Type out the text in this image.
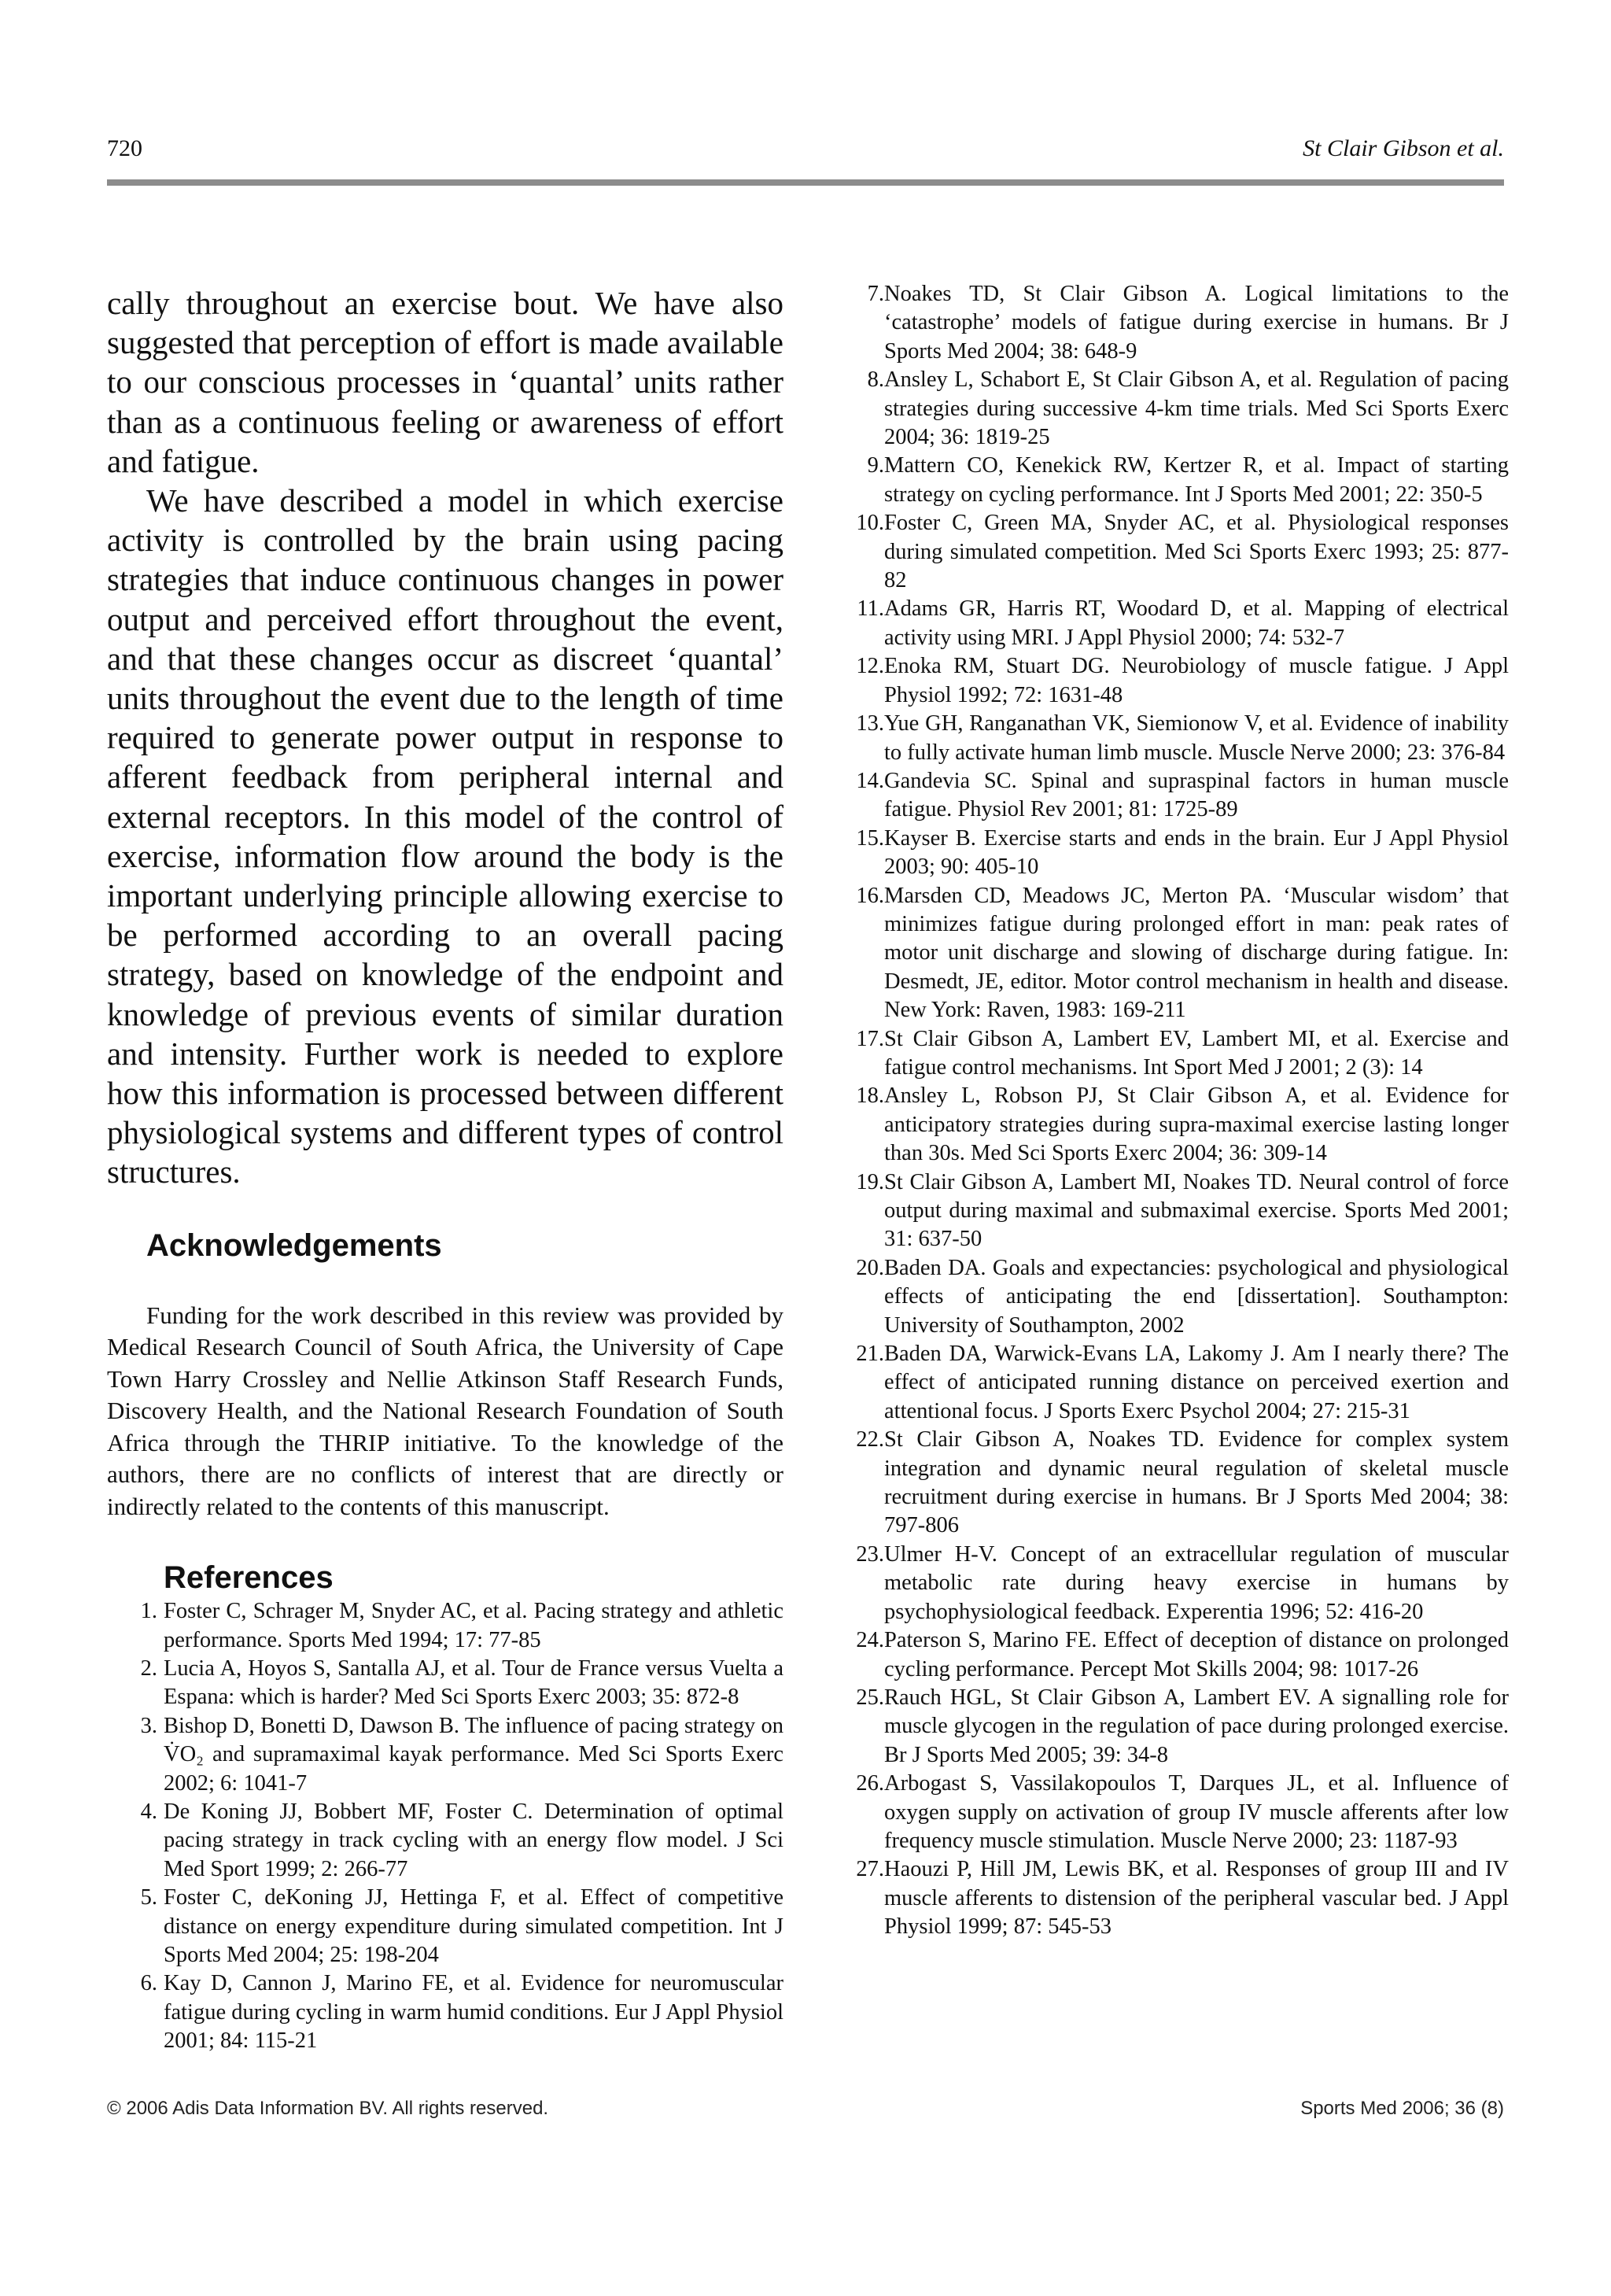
720	St Clair Gibson et al.

cally throughout an exercise bout. We have also suggested that perception of effort is made available to our conscious processes in ‘quantal’ units rather than as a continuous feeling or awareness of effort and fatigue.

We have described a model in which exercise activity is controlled by the brain using pacing strategies that induce continuous changes in power output and perceived effort throughout the event, and that these changes occur as discreet ‘quantal’ units throughout the event due to the length of time required to generate power output in response to afferent feedback from peripheral internal and external receptors. In this model of the control of exercise, information flow around the body is the important underlying principle allowing exercise to be performed according to an overall pacing strategy, based on knowledge of the endpoint and knowledge of previous events of similar duration and intensity. Further work is needed to explore how this information is processed between different physiological systems and different types of control structures.

Acknowledgements

Funding for the work described in this review was provided by Medical Research Council of South Africa, the University of Cape Town Harry Crossley and Nellie Atkinson Staff Research Funds, Discovery Health, and the National Research Foundation of South Africa through the THRIP initiative. To the knowledge of the authors, there are no conflicts of interest that are directly or indirectly related to the contents of this manuscript.

References
1. Foster C, Schrager M, Snyder AC, et al. Pacing strategy and athletic performance. Sports Med 1994; 17: 77-85
2. Lucia A, Hoyos S, Santalla AJ, et al. Tour de France versus Vuelta a Espana: which is harder? Med Sci Sports Exerc 2003; 35: 872-8
3. Bishop D, Bonetti D, Dawson B. The influence of pacing strategy on V̇O₂ and supramaximal kayak performance. Med Sci Sports Exerc 2002; 6: 1041-7
4. De Koning JJ, Bobbert MF, Foster C. Determination of optimal pacing strategy in track cycling with an energy flow model. J Sci Med Sport 1999; 2: 266-77
5. Foster C, deKoning JJ, Hettinga F, et al. Effect of competitive distance on energy expenditure during simulated competition. Int J Sports Med 2004; 25: 198-204
6. Kay D, Cannon J, Marino FE, et al. Evidence for neuromuscular fatigue during cycling in warm humid conditions. Eur J Appl Physiol 2001; 84: 115-21
7. Noakes TD, St Clair Gibson A. Logical limitations to the ‘catastrophe’ models of fatigue during exercise in humans. Br J Sports Med 2004; 38: 648-9
8. Ansley L, Schabort E, St Clair Gibson A, et al. Regulation of pacing strategies during successive 4-km time trials. Med Sci Sports Exerc 2004; 36: 1819-25
9. Mattern CO, Kenekick RW, Kertzer R, et al. Impact of starting strategy on cycling performance. Int J Sports Med 2001; 22: 350-5
10. Foster C, Green MA, Snyder AC, et al. Physiological responses during simulated competition. Med Sci Sports Exerc 1993; 25: 877-82
11. Adams GR, Harris RT, Woodard D, et al. Mapping of electrical activity using MRI. J Appl Physiol 2000; 74: 532-7
12. Enoka RM, Stuart DG. Neurobiology of muscle fatigue. J Appl Physiol 1992; 72: 1631-48
13. Yue GH, Ranganathan VK, Siemionow V, et al. Evidence of inability to fully activate human limb muscle. Muscle Nerve 2000; 23: 376-84
14. Gandevia SC. Spinal and supraspinal factors in human muscle fatigue. Physiol Rev 2001; 81: 1725-89
15. Kayser B. Exercise starts and ends in the brain. Eur J Appl Physiol 2003; 90: 405-10
16. Marsden CD, Meadows JC, Merton PA. ‘Muscular wisdom’ that minimizes fatigue during prolonged effort in man: peak rates of motor unit discharge and slowing of discharge during fatigue. In: Desmedt, JE, editor. Motor control mechanism in health and disease. New York: Raven, 1983: 169-211
17. St Clair Gibson A, Lambert EV, Lambert MI, et al. Exercise and fatigue control mechanisms. Int Sport Med J 2001; 2 (3): 14
18. Ansley L, Robson PJ, St Clair Gibson A, et al. Evidence for anticipatory strategies during supra-maximal exercise lasting longer than 30s. Med Sci Sports Exerc 2004; 36: 309-14
19. St Clair Gibson A, Lambert MI, Noakes TD. Neural control of force output during maximal and submaximal exercise. Sports Med 2001; 31: 637-50
20. Baden DA. Goals and expectancies: psychological and physiological effects of anticipating the end [dissertation]. Southampton: University of Southampton, 2002
21. Baden DA, Warwick-Evans LA, Lakomy J. Am I nearly there? The effect of anticipated running distance on perceived exertion and attentional focus. J Sports Exerc Psychol 2004; 27: 215-31
22. St Clair Gibson A, Noakes TD. Evidence for complex system integration and dynamic neural regulation of skeletal muscle recruitment during exercise in humans. Br J Sports Med 2004; 38: 797-806
23. Ulmer H-V. Concept of an extracellular regulation of muscular metabolic rate during heavy exercise in humans by psychophysiological feedback. Experentia 1996; 52: 416-20
24. Paterson S, Marino FE. Effect of deception of distance on prolonged cycling performance. Percept Mot Skills 2004; 98: 1017-26
25. Rauch HGL, St Clair Gibson A, Lambert EV. A signalling role for muscle glycogen in the regulation of pace during prolonged exercise. Br J Sports Med 2005; 39: 34-8
26. Arbogast S, Vassilakopoulos T, Darques JL, et al. Influence of oxygen supply on activation of group IV muscle afferents after low frequency muscle stimulation. Muscle Nerve 2000; 23: 1187-93
27. Haouzi P, Hill JM, Lewis BK, et al. Responses of group III and IV muscle afferents to distension of the peripheral vascular bed. J Appl Physiol 1999; 87: 545-53
© 2006 Adis Data Information BV. All rights reserved.	Sports Med 2006; 36 (8)
